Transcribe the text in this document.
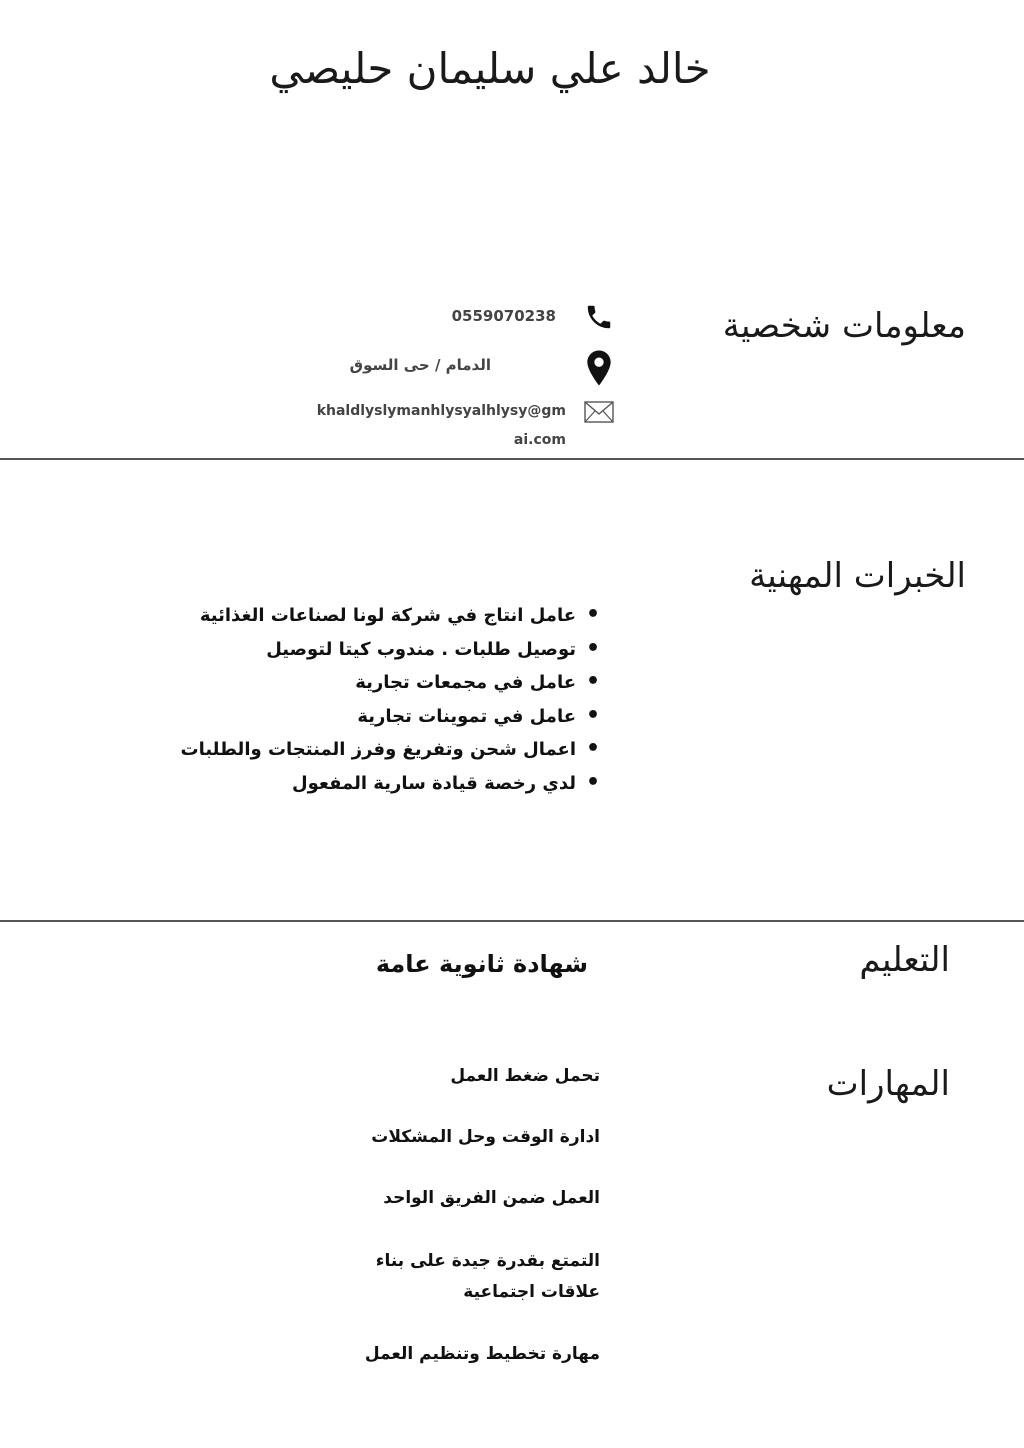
خالد علي سليمان حليصي
معلومات شخصية
0559070238
الدمام / حى السوق
khaldlyslymanhlysyalhlysy@gm
ai.com
الخبرات المهنية
• عامل انتاج في شركة لونا لصناعات الغذائية
• توصيل طلبات . مندوب كيتا لتوصيل
• عامل في مجمعات تجارية
• عامل في تموينات تجارية
• اعمال شحن وتفريغ وفرز المنتجات والطلبات
• لدي رخصة قيادة سارية المفعول
التعليم
شهادة ثانوية عامة
المهارات
تحمل ضغط العمل
ادارة الوقت وحل المشكلات
العمل ضمن الفريق الواحد
التمتع بقدرة جيدة على بناء
علاقات اجتماعية
مهارة تخطيط وتنظيم العمل
